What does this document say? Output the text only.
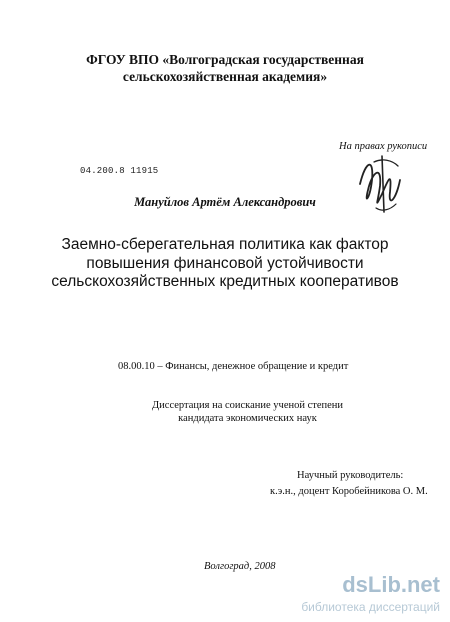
ФГОУ ВПО «Волгоградская государственная
сельскохозяйственная академия»
На правах рукописи
04.200.8 11915
Мануйлов Артём Александрович
Заемно-сберегательная политика как фактор
повышения финансовой устойчивости
сельскохозяйственных кредитных кооперативов
08.00.10 – Финансы, денежное обращение и кредит
Диссертация на соискание ученой степени
кандидата экономических наук
Научный руководитель:
к.э.н., доцент Коробейникова О. М.
Волгоград, 2008
dsLib.net
библиотека диссертаций
